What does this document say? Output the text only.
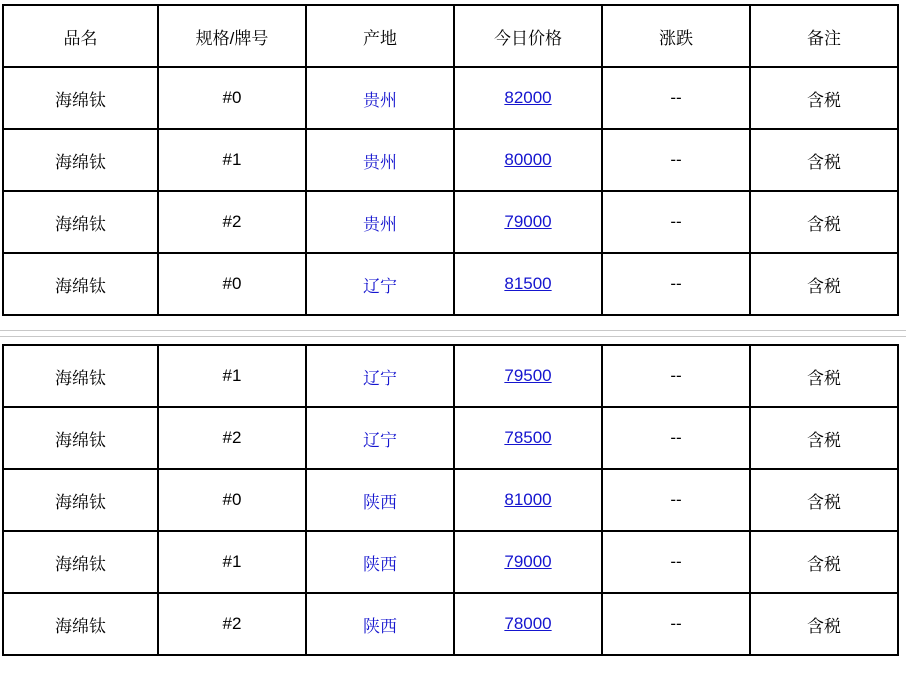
品名	规格/牌号	产地	今日价格	涨跌	备注
海绵钛	#0	贵州	82000	--	含税
海绵钛	#1	贵州	80000	--	含税
海绵钛	#2	贵州	79000	--	含税
海绵钛	#0	辽宁	81500	--	含税
海绵钛	#1	辽宁	79500	--	含税
海绵钛	#2	辽宁	78500	--	含税
海绵钛	#0	陕西	81000	--	含税
海绵钛	#1	陕西	79000	--	含税
海绵钛	#2	陕西	78000	--	含税
